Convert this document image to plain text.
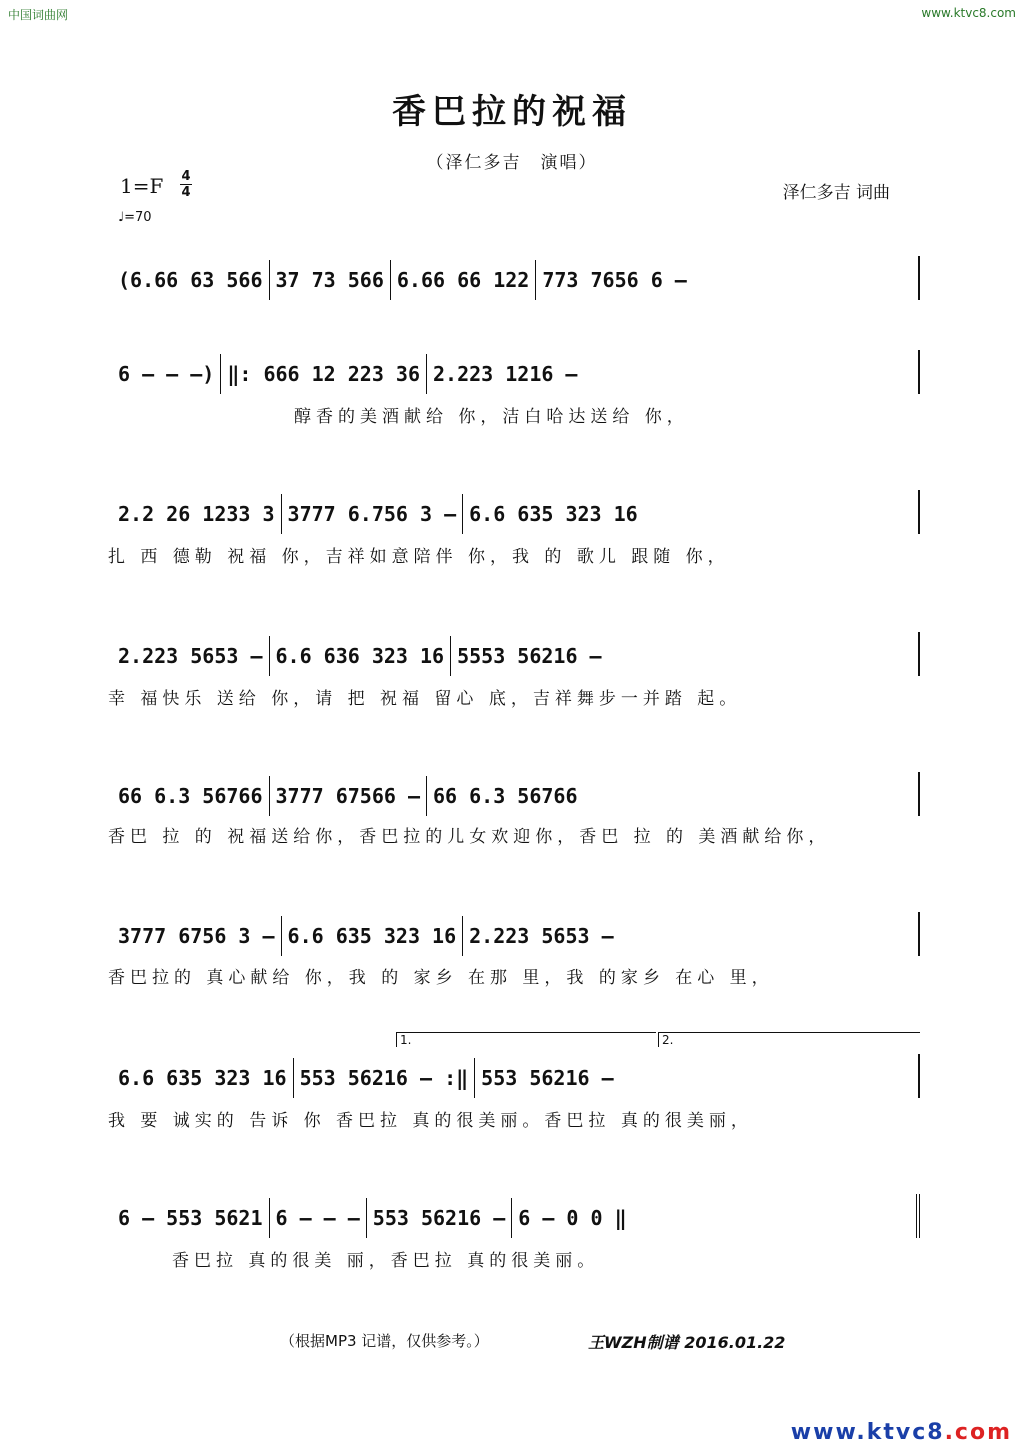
中国词曲网	www.ktvc8.com
香巴拉的祝福
（泽仁多吉　演唱）
1=F 4
4
♩=70
泽仁多吉 词曲
(6.66 63 566 37 73 566 6.66 66 122 773 7656 6 –
6 – – –) ‖: 666 12 223 36 2.223 1216 –
醇香的美酒献给 你，洁白哈达送给 你，
2.2 26 1233 3 3777 6.756 3 – 6.6 635 323 16
扎 西 德勒 祝福 你，吉祥如意陪伴 你，我 的 歌儿 跟随 你，
2.223 5653 – 6.6 636 323 16 5553 56216 –
幸 福快乐 送给 你，请 把 祝福 留心 底，吉祥舞步一并踏 起。
66 6.3 56766 3777 67566 – 66 6.3 56766
香巴 拉 的 祝福送给你，香巴拉的儿女欢迎你，香巴 拉 的 美酒献给你，
3777 6756 3 – 6.6 635 323 16 2.223 5653 –
香巴拉的 真心献给 你，我 的 家乡 在那 里，我 的家乡 在心 里，
1.	2.
6.6 635 323 16 553 56216 – :‖ 553 56216 –
我 要 诚实的 告诉 你 香巴拉 真的很美丽。香巴拉 真的很美丽，
6 – 553 5621 6 – – – 553 56216 – 6 – 0 0 ‖
香巴拉 真的很美 丽，香巴拉 真的很美丽。
（根据MP3 记谱，仅供参考。）	王WZH制谱 2016.01.22
www.ktvc8.com
